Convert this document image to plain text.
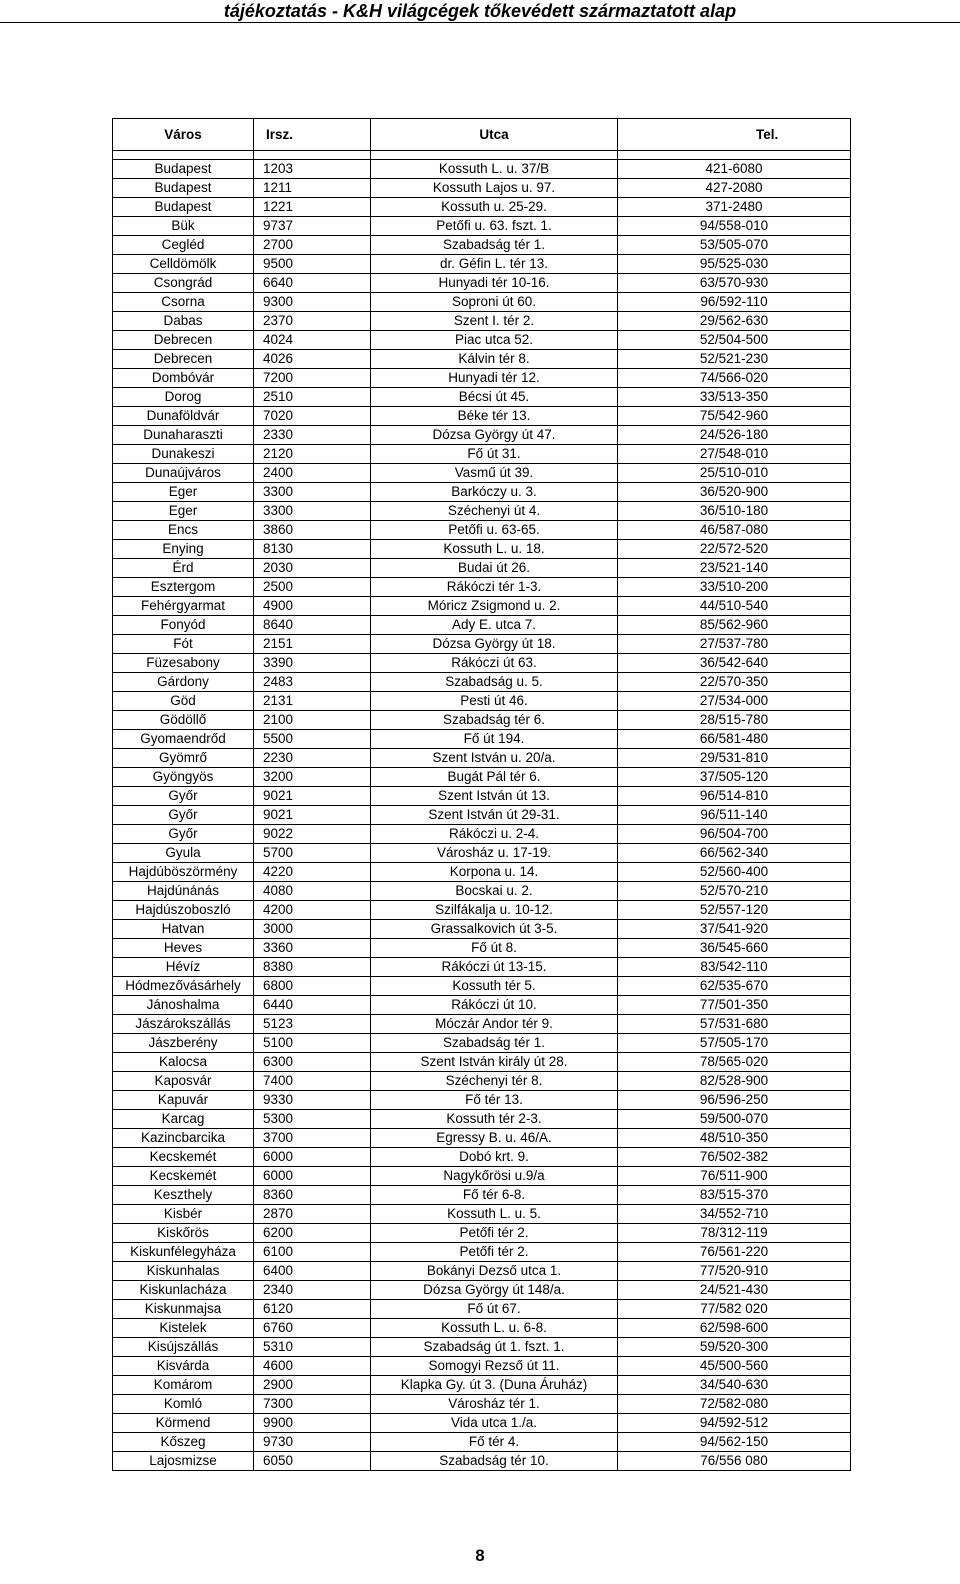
tájékoztatás - K&H világcégek tőkevédett származtatott alap
Város	Irsz.	Utca	Tel.

Budapest	1203	Kossuth L. u. 37/B	421-6080
Budapest	1211	Kossuth Lajos u. 97.	427-2080
Budapest	1221	Kossuth u. 25-29.	371-2480
Bük	9737	Petőfi u. 63. fszt. 1.	94/558-010
Cegléd	2700	Szabadság tér 1.	53/505-070
Celldömölk	9500	dr. Géfin L. tér 13.	95/525-030
Csongrád	6640	Hunyadi tér 10-16.	63/570-930
Csorna	9300	Soproni út 60.	96/592-110
Dabas	2370	Szent I. tér 2.	29/562-630
Debrecen	4024	Piac utca 52.	52/504-500
Debrecen	4026	Kálvin tér 8.	52/521-230
Dombóvár	7200	Hunyadi tér 12.	74/566-020
Dorog	2510	Bécsi út 45.	33/513-350
Dunaföldvár	7020	Béke tér 13.	75/542-960
Dunaharaszti	2330	Dózsa György út 47.	24/526-180
Dunakeszi	2120	Fő út 31.	27/548-010
Dunaújváros	2400	Vasmű út 39.	25/510-010
Eger	3300	Barkóczy u. 3.	36/520-900
Eger	3300	Széchenyi út 4.	36/510-180
Encs	3860	Petőfi u. 63-65.	46/587-080
Enying	8130	Kossuth L. u. 18.	22/572-520
Érd	2030	Budai út 26.	23/521-140
Esztergom	2500	Rákóczi tér 1-3.	33/510-200
Fehérgyarmat	4900	Móricz Zsigmond u. 2.	44/510-540
Fonyód	8640	Ady E. utca 7.	85/562-960
Fót	2151	Dózsa György út 18.	27/537-780
Füzesabony	3390	Rákóczi út 63.	36/542-640
Gárdony	2483	Szabadság u. 5.	22/570-350
Göd	2131	Pesti út 46.	27/534-000
Gödöllő	2100	Szabadság tér 6.	28/515-780
Gyomaendrőd	5500	Fő út 194.	66/581-480
Gyömrő	2230	Szent István u. 20/a.	29/531-810
Gyöngyös	3200	Bugát Pál tér 6.	37/505-120
Győr	9021	Szent István út 13.	96/514-810
Győr	9021	Szent István út 29-31.	96/511-140
Győr	9022	Rákóczi u. 2-4.	96/504-700
Gyula	5700	Városház u. 17-19.	66/562-340
Hajdúböszörmény	4220	Korpona u. 14.	52/560-400
Hajdúnánás	4080	Bocskai u. 2.	52/570-210
Hajdúszoboszló	4200	Szilfákalja u. 10-12.	52/557-120
Hatvan	3000	Grassalkovich út 3-5.	37/541-920
Heves	3360	Fő út 8.	36/545-660
Hévíz	8380	Rákóczi út 13-15.	83/542-110
Hódmezővásárhely	6800	Kossuth tér 5.	62/535-670
Jánoshalma	6440	Rákóczi út 10.	77/501-350
Jászárokszállás	5123	Móczár Andor tér 9.	57/531-680
Jászberény	5100	Szabadság tér 1.	57/505-170
Kalocsa	6300	Szent István király út 28.	78/565-020
Kaposvár	7400	Széchenyi tér 8.	82/528-900
Kapuvár	9330	Fő tér 13.	96/596-250
Karcag	5300	Kossuth tér 2-3.	59/500-070
Kazincbarcika	3700	Egressy B. u. 46/A.	48/510-350
Kecskemét	6000	Dobó krt. 9.	76/502-382
Kecskemét	6000	Nagykőrösi u.9/a	76/511-900
Keszthely	8360	Fő tér 6-8.	83/515-370
Kisbér	2870	Kossuth L. u. 5.	34/552-710
Kiskőrös	6200	Petőfi tér 2.	78/312-119
Kiskunfélegyháza	6100	Petőfi tér 2.	76/561-220
Kiskunhalas	6400	Bokányi Dezső utca 1.	77/520-910
Kiskunlacháza	2340	Dózsa György út 148/a.	24/521-430
Kiskunmajsa	6120	Fő út 67.	77/582 020
Kistelek	6760	Kossuth L. u. 6-8.	62/598-600
Kisújszállás	5310	Szabadság út 1. fszt. 1.	59/520-300
Kisvárda	4600	Somogyi Rezső út 11.	45/500-560
Komárom	2900	Klapka Gy. út 3. (Duna Áruház)	34/540-630
Komló	7300	Városház tér 1.	72/582-080
Körmend	9900	Vida utca 1./a.	94/592-512
Kőszeg	9730	Fő tér 4.	94/562-150
Lajosmizse	6050	Szabadság tér 10.	76/556 080
8
